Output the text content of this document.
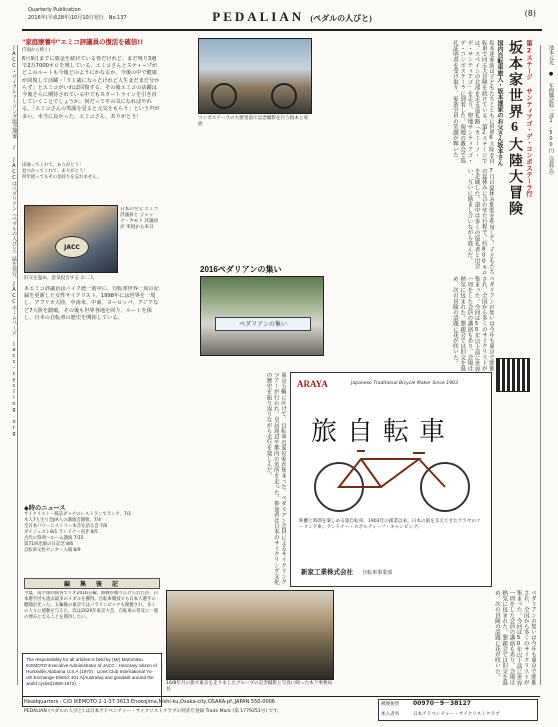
Quarterly Publication
2016年(平成28年)10月10日発行　No.137	PEDALIAN (ペダルの人びと)
(8)
JACC・サイクルツーリング協会理事 / JACCはペダリアン（ペダルの人びと）誌を発行。JACCホームページ jacc-cycling.org	池本元光 ● 年間購読料一部1,500円（送料込）
"家庭療養中"エミコ評議員の復活を確信!!
(7面から続く)
6月9日までに募金を続けている皆だけれど、まだ残り3週で2万7000キロを残している。エミコさんとスティーブがどこのルートも今後どのようにかなるか、今後の中で健康が回復して活躍・「５１歳になったけれど人生まだまだ分からず」とエミコがいれば回復する、その後エミコの活躍は今後さらに期待されている中でもスタートラインを引き直していくことでしょうか。何だってその気になればやれる。「エミコさんの笑顔を見ると元気をもらう」という声が多い。本当に良かった、エミコさん、ありがとう！
田通ってくれて、ありがとう！
見つかってくれて、ありがとう！
何年経ってもその気持ちを忘れません。
JACC
日本の至宝 エミコ評議員と ジャック・カモト 評議員が 米国から来日
旧交を温め、意気投合する お二人
本エミコ評議員はバイク歴一筋中に、自転車世界一周の記録を更新した女性サイクリスト。1998年には世界を一周し、アフリカ大陸、中南米、中東、ヨーロッパ、アジアなど7大陸を踏破。その後も世界各地を回り、ルートを探し、日本の自転車の歴史を開拓している。
◆時のニュース
サイクリスト・探訪ダッチのレストランでランチ、7/1
木人7人生り会JIA人の講演会開催、7/4
全日本パワーヒストリー本音を語る会 7/8
ダイジェスト8/1 ランドナー向き 8/5
古代の祭典〜ルーム講演 7/15
第71回出版の日記念 8/6
自転車文化センター入場 8/9
編　集　後　記
今夏、南半球四国各でリオ2016五輪。熱戦が繰り広げられたが、日本選手団も過去最多のメダルを獲得。自転車競技でも日本人選手の健闘が光った。五輪後の東京ではパラリンピックも開催され、多くの人々に感動を与えた。次は2020年東京大会、自転車の普及に一層の弾みとなることを期待したい。
The responsibility for all articles is held by (Mr) Motomitsu IKEMOTO Executive Administrator of JACC : Honorary citizen of Huntsville,Alabama U.S.A (1970) : Lions Club International Yo-uth Exchange-District 301 A(Australia) and goodwill around the world cyclist(1968-1972)
第2ステージ サンティアゴ・デ・コンポステーラ行
坂本家世界6大陸大冒険
国内自転車旅人・坂本達家のお父さん坂本さん
坂本達家族は子どもたちとともに世界6大陸を自転車で回る大冒険を続けている。第2ステージでは、スペインの北部を走る巡礼路「カミーノ・デ・サンティアゴ」を走り、聖地サンティアゴ・デ・コンポステーラに到着した。現地の教会で巡礼証明書を受け取り、家族全員の笑顔が輝いた。
7月の夏休み期間を利用して、子どもたちの夏休みに合わせた行程で、約800キロを走破した。道中は多くの巡礼者と出会い、互いに励まし合いながら進んだ。
コンポステーラの大聖堂前で記念撮影を行う坂本と家族
2016ペダリアンの集い
ペダリアンの集い	ペダリアンの集いは今年も東京で開催され、全国から多くのサイクリストが集まった。今回は50年以上前に世界一周をした会員の講演もあり、会場は熱気に包まれた。懇親会では旧交を温め、次の冒険の話題に花が咲いた。
ARAYA	Japanese Traditional Bicycle Maker Since 1903
旅自転車
距離と時間を楽しめる旅自転車。1903年の創業以来、日本の旅を支えてきたアラヤのツーリング車。ランドナー・スポルティーフ・キャンピング。
新家工業株式会社 自転車事業部
東京五輪に向けて、自転車の愛好家が集まった。ペダリアン会員によるサイクリングツアーが行われ、皇居周辺や都内の名所を走った。参加者は日本のサイクリング文化の歴史を振り返りながら走行を楽しんだ。
16/8年月の旅で東京を走りましたグループの記念撮影と写真に映った木下事務局長
ペダリアンの集いは今年も東京で開催され、全国から多くのサイクリストが集まった。今回は50年以上前に世界一周をした会員の講演もあり、会場は熱気に包まれた。懇親会では旧交を温め、次の冒険の話題に花が咲いた。
Headquarters : C/O IKEMOTO 2-1-37-3613 Enokojima,Nishi-ku,Osaka-city,OSAKA-pf.,JAPAN 550-0006
PEDALIAN (ペダルの人びと) は日本アドベンチャー・サイクリストクラブの特許庁登録 Trade Mark (第 1779251号) です。
郵便振替 00970－9－38127
加入者名	日本アドベンチャー・サイクリストクラブ
